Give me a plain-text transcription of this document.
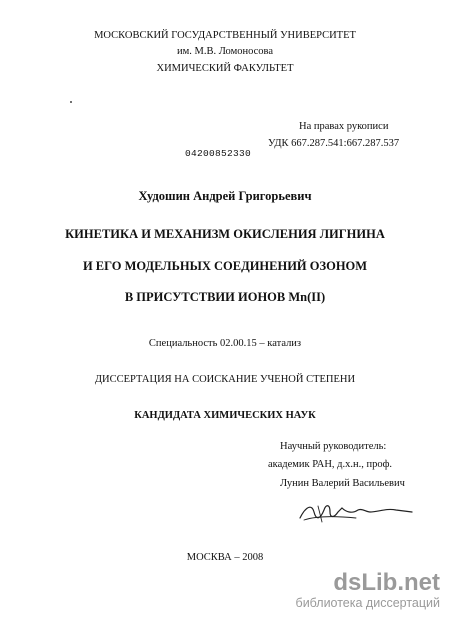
МОСКОВСКИЙ ГОСУДАРСТВЕННЫЙ УНИВЕРСИТЕТ
им. М.В. Ломоносова
ХИМИЧЕСКИЙ ФАКУЛЬТЕТ
На правах рукописи
УДК 667.287.541:667.287.537
04200852330
Худошин Андрей Григорьевич
КИНЕТИКА И МЕХАНИЗМ ОКИСЛЕНИЯ ЛИГНИНА
И ЕГО МОДЕЛЬНЫХ СОЕДИНЕНИЙ ОЗОНОМ
В ПРИСУТСТВИИ ИОНОВ Mn(II)
Специальность 02.00.15 – катализ
ДИССЕРТАЦИЯ НА СОИСКАНИЕ УЧЕНОЙ СТЕПЕНИ
КАНДИДАТА ХИМИЧЕСКИХ НАУК
Научный руководитель:
академик РАН, д.х.н., проф.
Лунин Валерий Васильевич
МОСКВА – 2008
dsLib.net
библиотека диссертаций
